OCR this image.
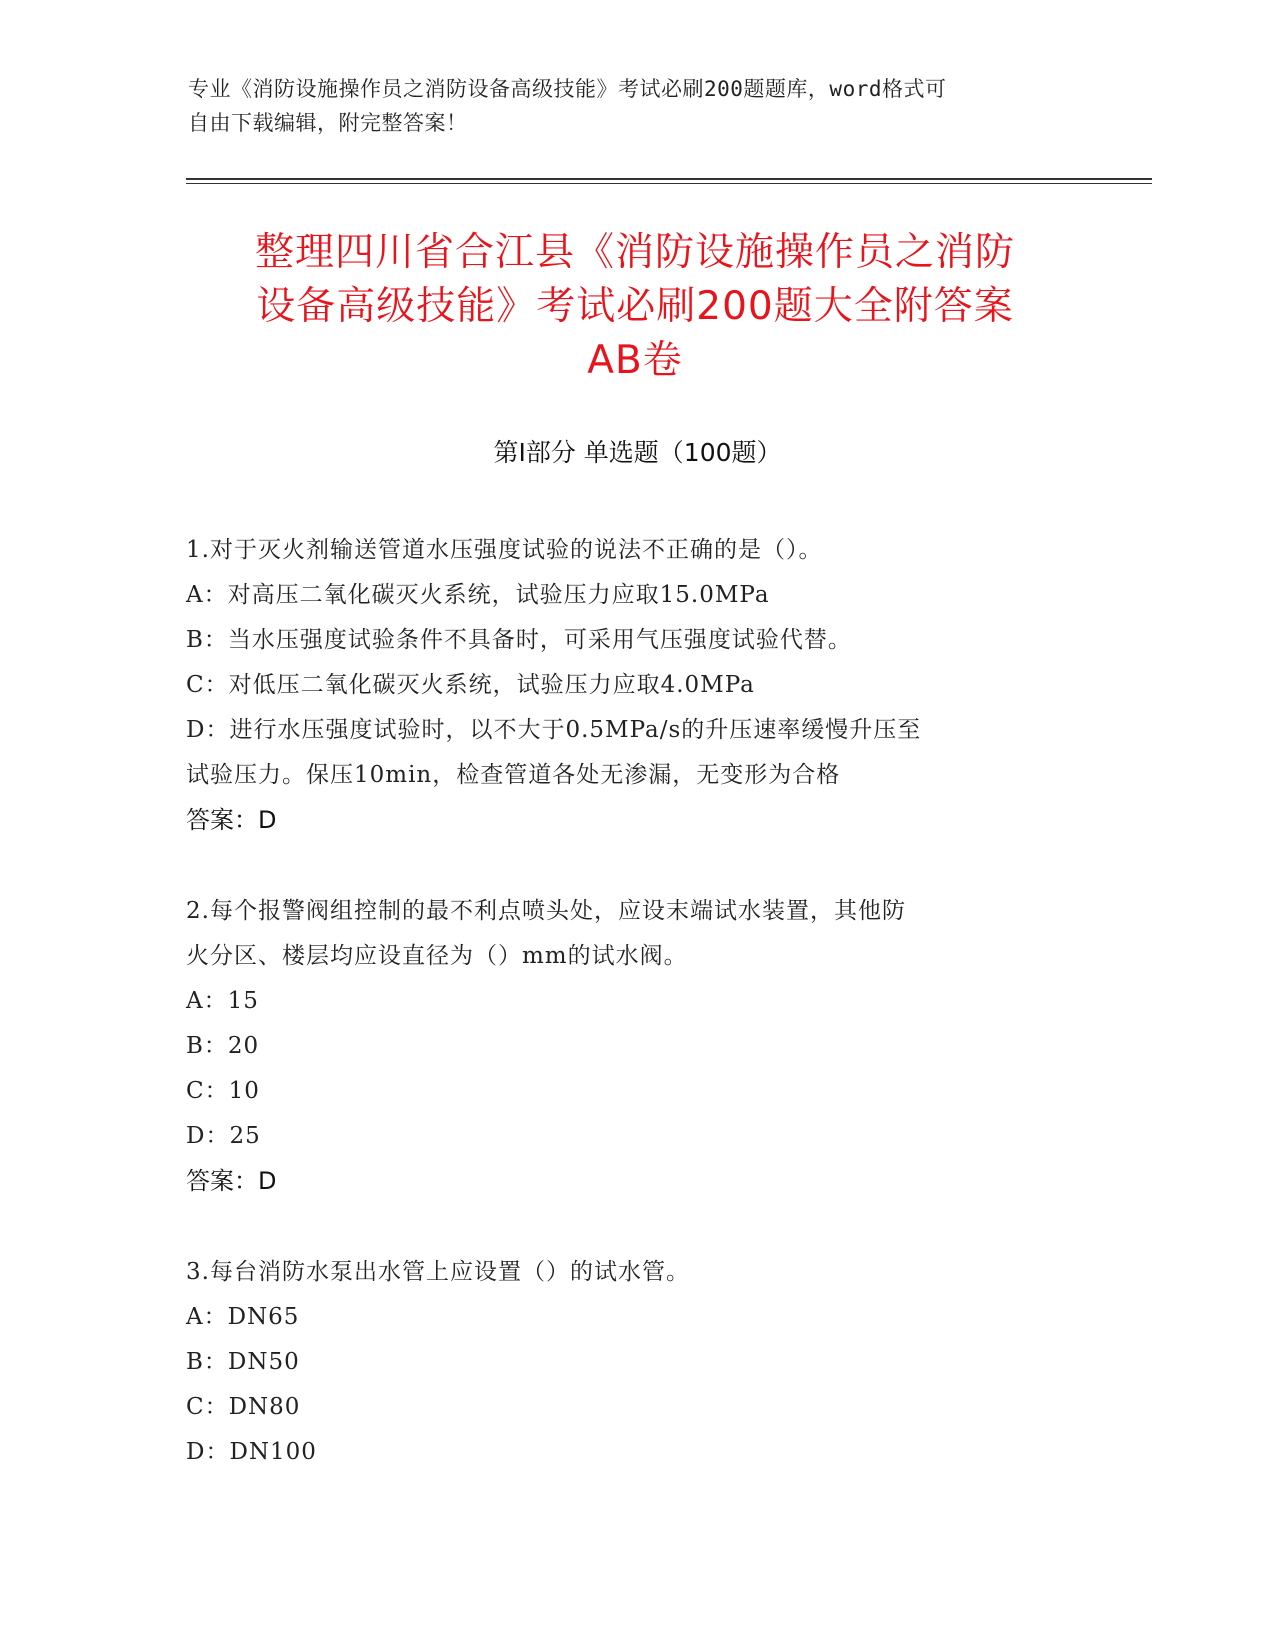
专业《消防设施操作员之消防设备高级技能》考试必刷200题题库，word格式可
自由下载编辑，附完整答案！
整理四川省合江县《消防设施操作员之消防
设备高级技能》考试必刷200题大全附答案
AB卷
第Ⅰ部分 单选题（100题）
1.对于灭火剂输送管道水压强度试验的说法不正确的是（）。
A：对高压二氧化碳灭火系统，试验压力应取15.0MPa
B：当水压强度试验条件不具备时，可采用气压强度试验代替。
C：对低压二氧化碳灭火系统，试验压力应取4.0MPa
D：进行水压强度试验时，以不大于0.5MPa/s的升压速率缓慢升压至
试验压力。保压10min，检查管道各处无渗漏，无变形为合格
答案：D
2.每个报警阀组控制的最不利点喷头处，应设末端试水装置，其他防
火分区、楼层均应设直径为（）mm的试水阀。
A：15
B：20
C：10
D：25
答案：D
3.每台消防水泵出水管上应设置（）的试水管。
A：DN65
B：DN50
C：DN80
D：DN100
